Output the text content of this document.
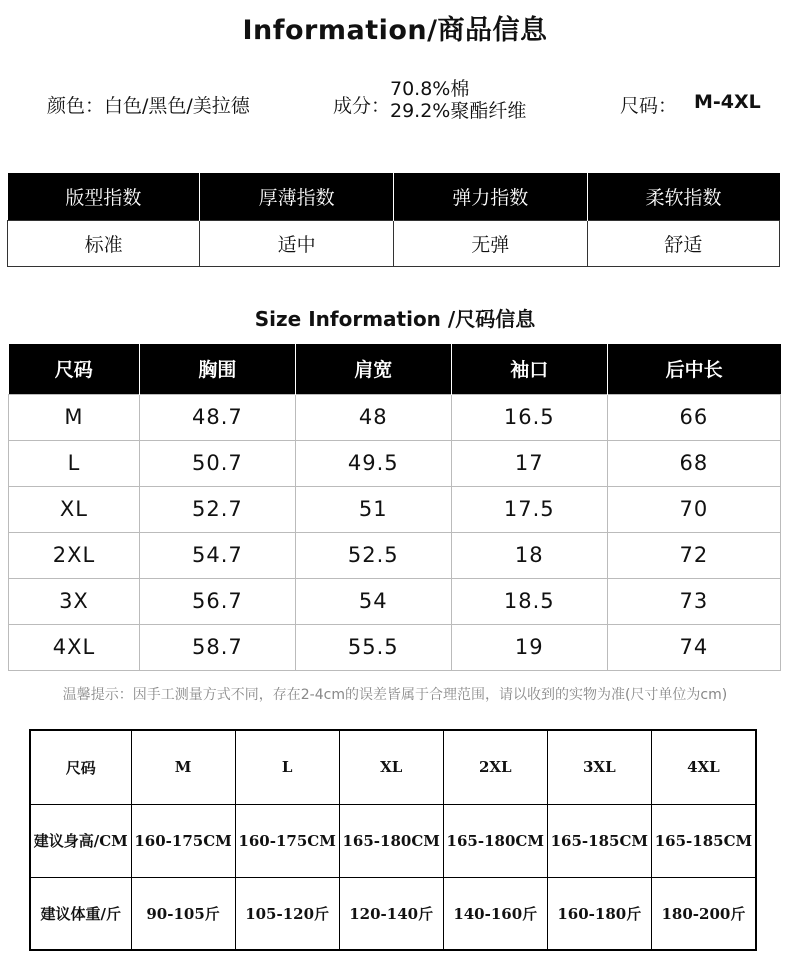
Information/商品信息
颜色：白色/黑色/美拉德	成分：
70.8%棉
29.2%聚酯纤维	尺码： M-4XL
版型指数	厚薄指数	弹力指数	柔软指数
标准	适中	无弹	舒适
Size Information /尺码信息
尺码	胸围	肩宽	袖口	后中长
M	48.7	48	16.5	66
L	50.7	49.5	17	68
XL	52.7	51	17.5	70
2XL	54.7	52.5	18	72
3X	56.7	54	18.5	73
4XL	58.7	55.5	19	74
温馨提示：因手工测量方式不同，存在2-4cm的误差皆属于合理范围，请以收到的实物为准(尺寸单位为cm)
尺码	M	L	XL	2XL	3XL	4XL
建议身高/CM	160-175CM	160-175CM	165-180CM	165-180CM	165-185CM	165-185CM
建议体重/斤	90-105斤	105-120斤	120-140斤	140-160斤	160-180斤	180-200斤
